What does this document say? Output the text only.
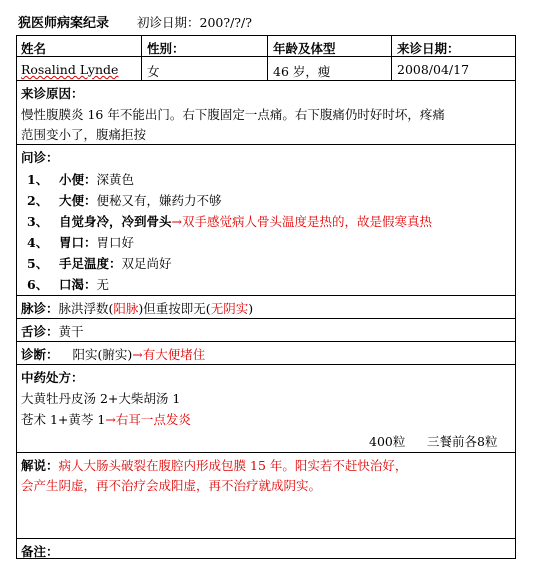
猊医师病案纪录 初诊日期：200?/?/?
姓名	性别：	年龄及体型	来诊日期：
Rosalind Lynde 女	46 岁，瘦	2008/04/17
来诊原因：
慢性腹膜炎 16 年不能出门。右下腹固定一点痛。右下腹痛仍时好时坏，疼痛
范围变小了，腹痛拒按
问诊：
1、 小便：深黄色
2、 大便：便秘又有，嫌药力不够
3、 自觉身冷，冷到骨头→双手感觉病人骨头温度是热的，故是假寒真热
4、 胃口：胃口好
5、 手足温度：双足尚好
6、 口渴：无
脉诊：脉洪浮数(阳脉)但重按即无(无阴实)
舌诊：黄干
诊断： 阳实(腑实)→有大便堵住
中药处方：
大黄牡丹皮汤 2+大柴胡汤 1
苍术 1+黄芩 1→右耳一点发炎
400粒 三餐前各8粒
解说：病人大肠头破裂在腹腔内形成包膜 15 年。阳实若不赶快治好，
会产生阴虚，再不治疗会成阳虚，再不治疗就成阴实。
备注：
